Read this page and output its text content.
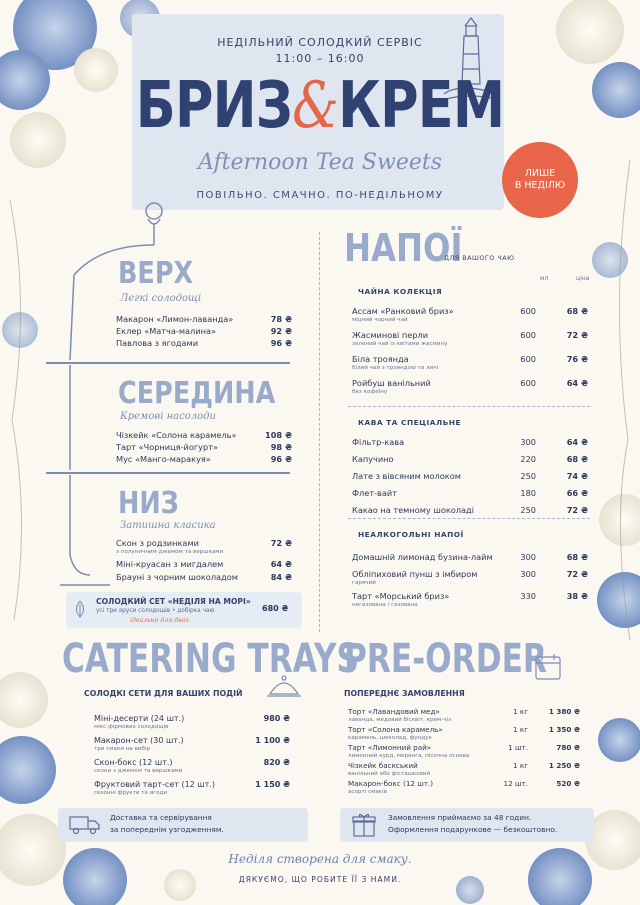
НЕДІЛЬНИЙ СОЛОДКИЙ СЕРВІС
11:00 – 16:00
БРИЗ&КРЕМ
Afternoon Tea Sweets
ПОВІЛЬНО. СМАЧНО. ПО-НЕДІЛЬНОМУ
ЛИШЕ
В НЕДІЛЮ
ВЕРХ
Легкі солодощі
Макарон «Лимон-лаванда»	78 ₴
Еклер «Матча-малина»	92 ₴
Павлова з ягодами	96 ₴
СЕРЕДИНА
Кремові насолоди
Чізкейк «Солона карамель»	108 ₴
Тарт «Чорниця-йогурт»	98 ₴
Мус «Манго-маракуя»	96 ₴
НИЗ
Затишна класика
Скон з родзинками
з полуничним джемом та вершками
72 ₴
Міні-круасан з мигдалем	64 ₴
Брауні з чорним шоколадом	84 ₴
СОЛОДКИЙ СЕТ «НЕДІЛЯ НА МОРІ»
усі три яруси солодощів • добірка чаю
ідеально для двох
680 ₴
НАПОЇ
ДЛЯ ВАШОГО ЧАЮ
мл	ціна
ЧАЙНА КОЛЕКЦІЯ
Ассам «Ранковий бриз»
міцний чорний чай
600	68 ₴
Жасминові перли
зелений чай із квітами жасмину
600	72 ₴
Біла троянда
білий чай з трояндою та личі
600	76 ₴
Ройбуш ванільний
без кофеїну
600	64 ₴
КАВА ТА СПЕЦІАЛЬНЕ
Фільтр-кава	300	64 ₴
Капучино	220	68 ₴
Лате з вівсяним молоком	250	74 ₴
Флет-вайт	180	66 ₴
Какао на темному шоколаді	250	72 ₴
НЕАЛКОГОЛЬНІ НАПОЇ
Домашній лимонад бузина-лайм	300	68 ₴
Обліпиховий пунш з імбиром
гарячий
300	72 ₴
Тарт «Морський бриз»
негазована / газована
330	38 ₴
CATERING TRAYS
СОЛОДКІ СЕТИ ДЛЯ ВАШИХ ПОДІЙ
Міні-десерти (24 шт.)
мікс фірмових солодощів
980 ₴
Макарон-сет (30 шт.)
три смаки на вибір
1 100 ₴
Скон-бокс (12 шт.)
скони з джемом та вершками
820 ₴
Фруктовий тарт-сет (12 шт.)
сезонні фрукти та ягоди
1 150 ₴
Доставка та сервірування
за попереднім узгодженням.
PRE-ORDER
ПОПЕРЕДНЄ ЗАМОВЛЕННЯ
Торт «Лавандовий мед»
лаванда, медовий бісквіт, крем-чіз
1 кг	1 380 ₴
Торт «Солона карамель»
карамель, шоколад, фундук
1 кг	1 350 ₴
Тарт «Лимонний рай»
лимонний курд, меренга, пісочна основа
1 шт.	780 ₴
Чізкейк баскський
ванільний або фісташковий
1 кг	1 250 ₴
Макарон-бокс (12 шт.)
асорті смаків
12 шт.	520 ₴
Замовлення приймаємо за 48 годин.
Оформлення подарункове — безкоштовно.
Неділя створена для смаку.
ДЯКУЄМО, ЩО РОБИТЕ ЇЇ З НАМИ.
